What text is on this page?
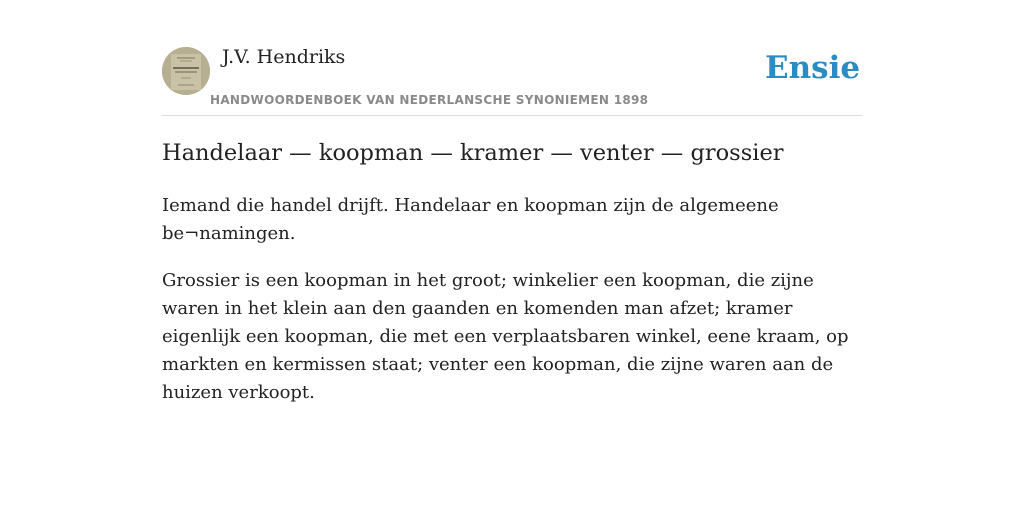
J.V. Hendriks
HANDWOORDENBOEK VAN NEDERLANSCHE SYNONIEMEN 1898
Ensie
Handelaar — koopman — kramer — venter — grossier

Iemand die handel drijft. Handelaar en koopman zijn de algemeene be¬namingen.

Grossier is een koopman in het groot; winkelier een koopman, die zijne waren in het klein aan den gaanden en komenden man afzet; kramer eigenlijk een koopman, die met een verplaatsbaren winkel, eene kraam, op markten en kermissen staat; venter een koopman, die zijne waren aan de huizen verkoopt.
